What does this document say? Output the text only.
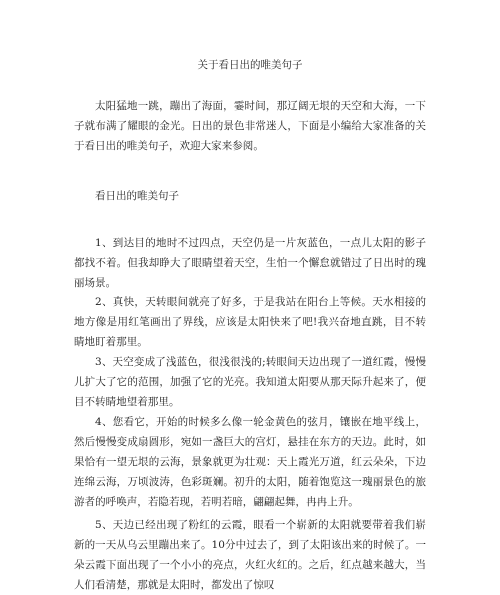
关于看日出的唯美句子

太阳猛地一跳，蹦出了海面，霎时间，那辽阔无垠的天空和大海，一下子就布满了耀眼的金光。日出的景色非常迷人，下面是小编给大家准备的关于看日出的唯美句子，欢迎大家来参阅。

看日出的唯美句子

1、到达目的地时不过四点，天空仍是一片灰蓝色，一点儿太阳的影子都找不着。但我却睁大了眼睛望着天空，生怕一个懈怠就错过了日出时的瑰丽场景。

2、真快，天转眼间就亮了好多，于是我站在阳台上等候。天水相接的地方像是用红笔画出了界线，应该是太阳快来了吧!我兴奋地直跳，目不转睛地盯着那里。

3、天空变成了浅蓝色，很浅很浅的;转眼间天边出现了一道红霞，慢慢儿扩大了它的范围，加强了它的光亮。我知道太阳要从那天际升起来了，便目不转睛地望着那里。

4、您看它，开始的时候多么像一轮金黄色的弦月，镶嵌在地平线上，然后慢慢变成扇圆形，宛如一盏巨大的宫灯，悬挂在东方的天边。此时，如果恰有一望无垠的云海，景象就更为壮观：天上霞光万道，红云朵朵，下边连绵云海，万顷波涛，色彩斑斓。初升的太阳，随着饱览这一瑰丽景色的旅游者的呼唤声，若隐若现，若明若暗，翩翩起舞，冉冉上升。

5、天边已经出现了粉红的云霞，眼看一个崭新的太阳就要带着我们崭新的一天从乌云里蹦出来了。10分中过去了，到了太阳该出来的时候了。一朵云霞下面出现了一个小小的亮点，火红火红的。之后，红点越来越大，当人们看清楚，那就是太阳时，都发出了惊叹
